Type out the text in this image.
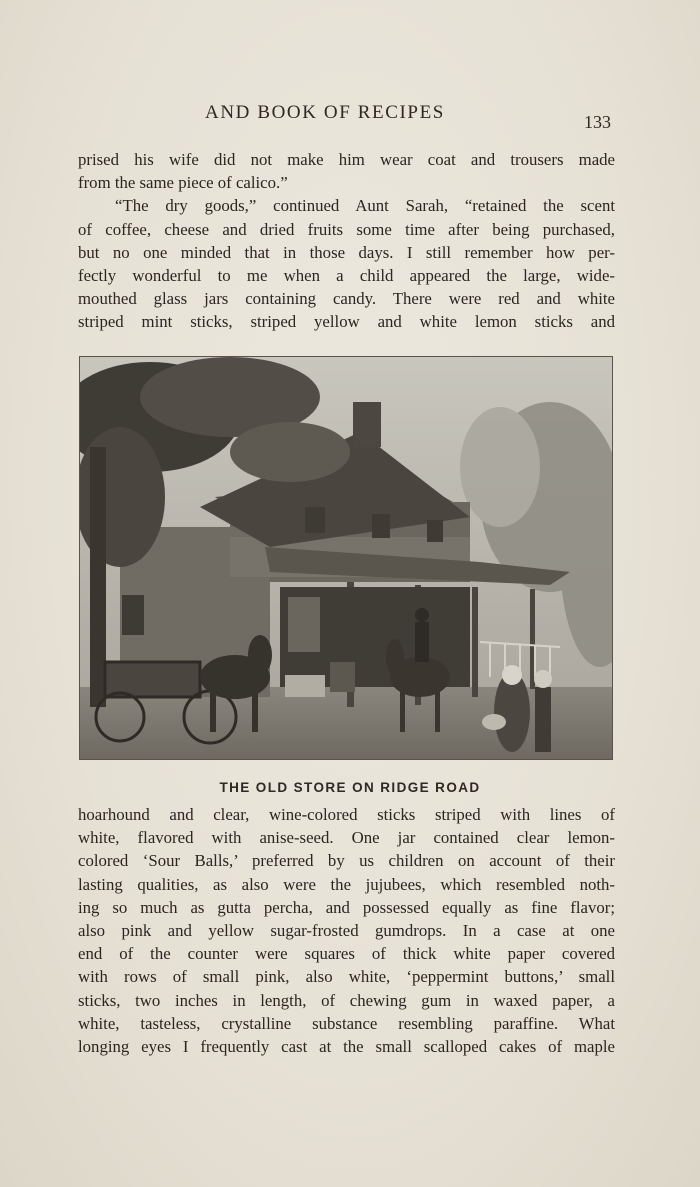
AND BOOK OF RECIPES	133

prised his wife did not make him wear coat and trousers made
from the same piece of calico.”

“The dry goods,” continued Aunt Sarah, “retained the scent
of coffee, cheese and dried fruits some time after being purchased,
but no one minded that in those days. I still remember how per-
fectly wonderful to me when a child appeared the large, wide-
mouthed glass jars containing candy. There were red and white
striped mint sticks, striped yellow and white lemon sticks and

THE OLD STORE ON RIDGE ROAD

hoarhound and clear, wine-colored sticks striped with lines of
white, flavored with anise-seed. One jar contained clear lemon-
colored ‘Sour Balls,’ preferred by us children on account of their
lasting qualities, as also were the jujubees, which resembled noth-
ing so much as gutta percha, and possessed equally as fine flavor;
also pink and yellow sugar-frosted gumdrops. In a case at one
end of the counter were squares of thick white paper covered
with rows of small pink, also white, ‘peppermint buttons,’ small
sticks, two inches in length, of chewing gum in waxed paper, a
white, tasteless, crystalline substance resembling paraffine. What
longing eyes I frequently cast at the small scalloped cakes of maple
